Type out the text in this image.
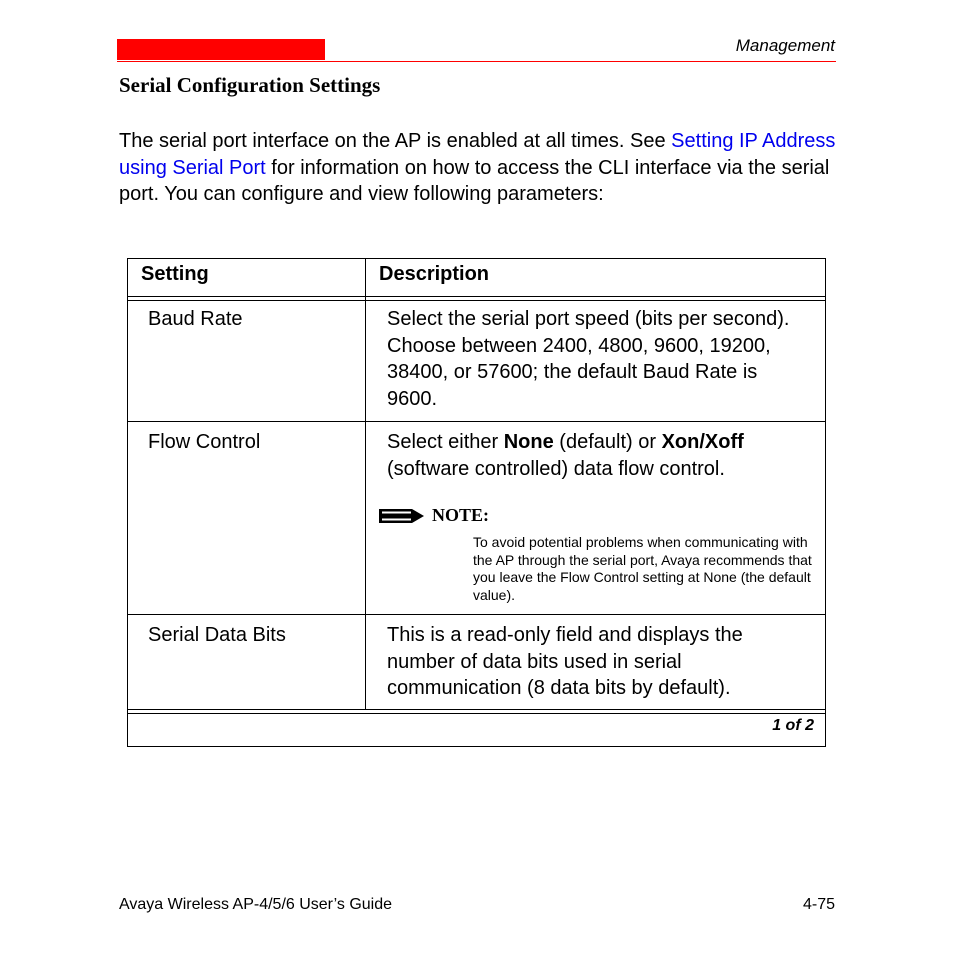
Management
Serial Configuration Settings
The serial port interface on the AP is enabled at all times. See Setting IP Address using Serial Port for information on how to access the CLI interface via the serial port. You can configure and view following parameters:
Setting	Description
Baud Rate	Select the serial port speed (bits per second). Choose between 2400, 4800, 9600, 19200, 38400, or 57600; the default Baud Rate is 9600.
Flow Control	Select either None (default) or Xon/Xoff (software controlled) data flow control.
NOTE:
To avoid potential problems when communicating with the AP through the serial port, Avaya recommends that you leave the Flow Control setting at None (the default value).
Serial Data Bits	This is a read-only field and displays the number of data bits used in serial communication (8 data bits by default).
1 of 2
Avaya Wireless AP-4/5/6 User’s Guide	4-75
